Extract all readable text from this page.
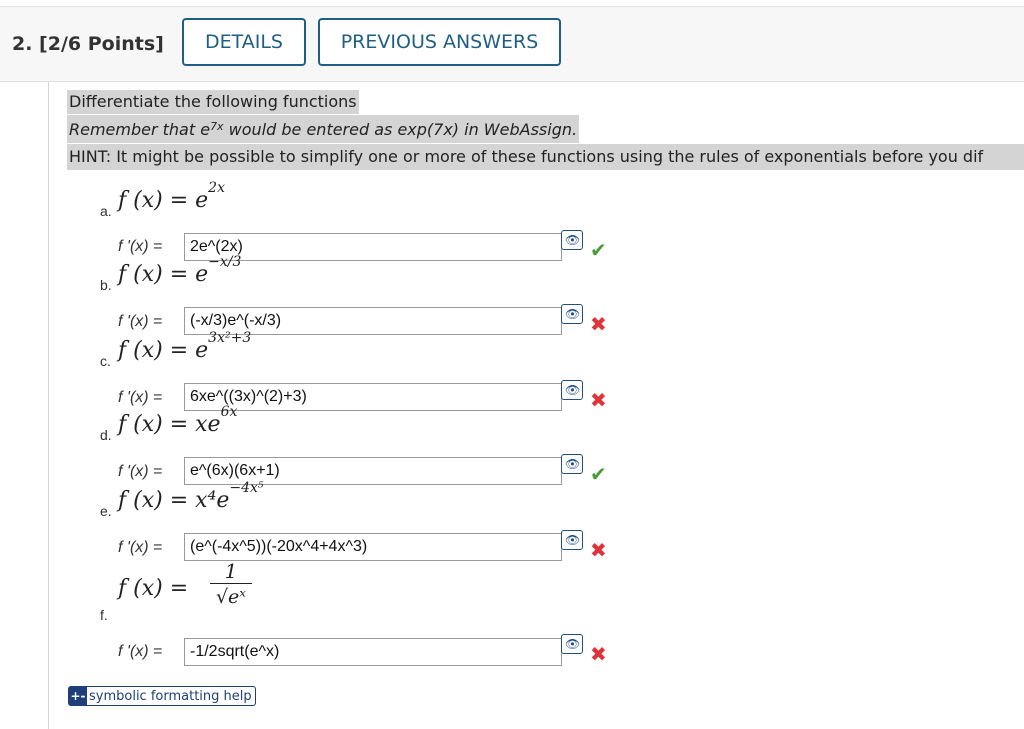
2. [2/6 Points]	DETAILS	PREVIOUS ANSWERS
Differentiate the following functions
Remember that $e^{7x}$ would be entered as exp(7x) in WebAssign.
HINT: It might be possible to simplify one or more of these functions using the rules of exponentials before you dif
a. f $(x) = e^{2x}$
f '(x) =	2e^(2x)	👁 ✔
b. f $(x) = e^{-x/3}$
f '(x) =	(-x/3)e^(-x/3)	👁 ✖
c. f $(x) = e^{3x^2+3}$
f '(x) =	6xe^((3x)^(2)+3)	👁 ✖
d. f $(x) = xe^{6x}$
f '(x) =	e^(6x)(6x+1)	👁 ✔
e. f $(x) = x^4e^{-4x^5}$
f '(x) =	(e^(-4x^5))(-20x^4+4x^3)	👁 ✖
f.
f (x) =
1
√eˣ
f '(x) =	-1/2sqrt(e^x)	👁 ✖
+- symbolic formatting help
